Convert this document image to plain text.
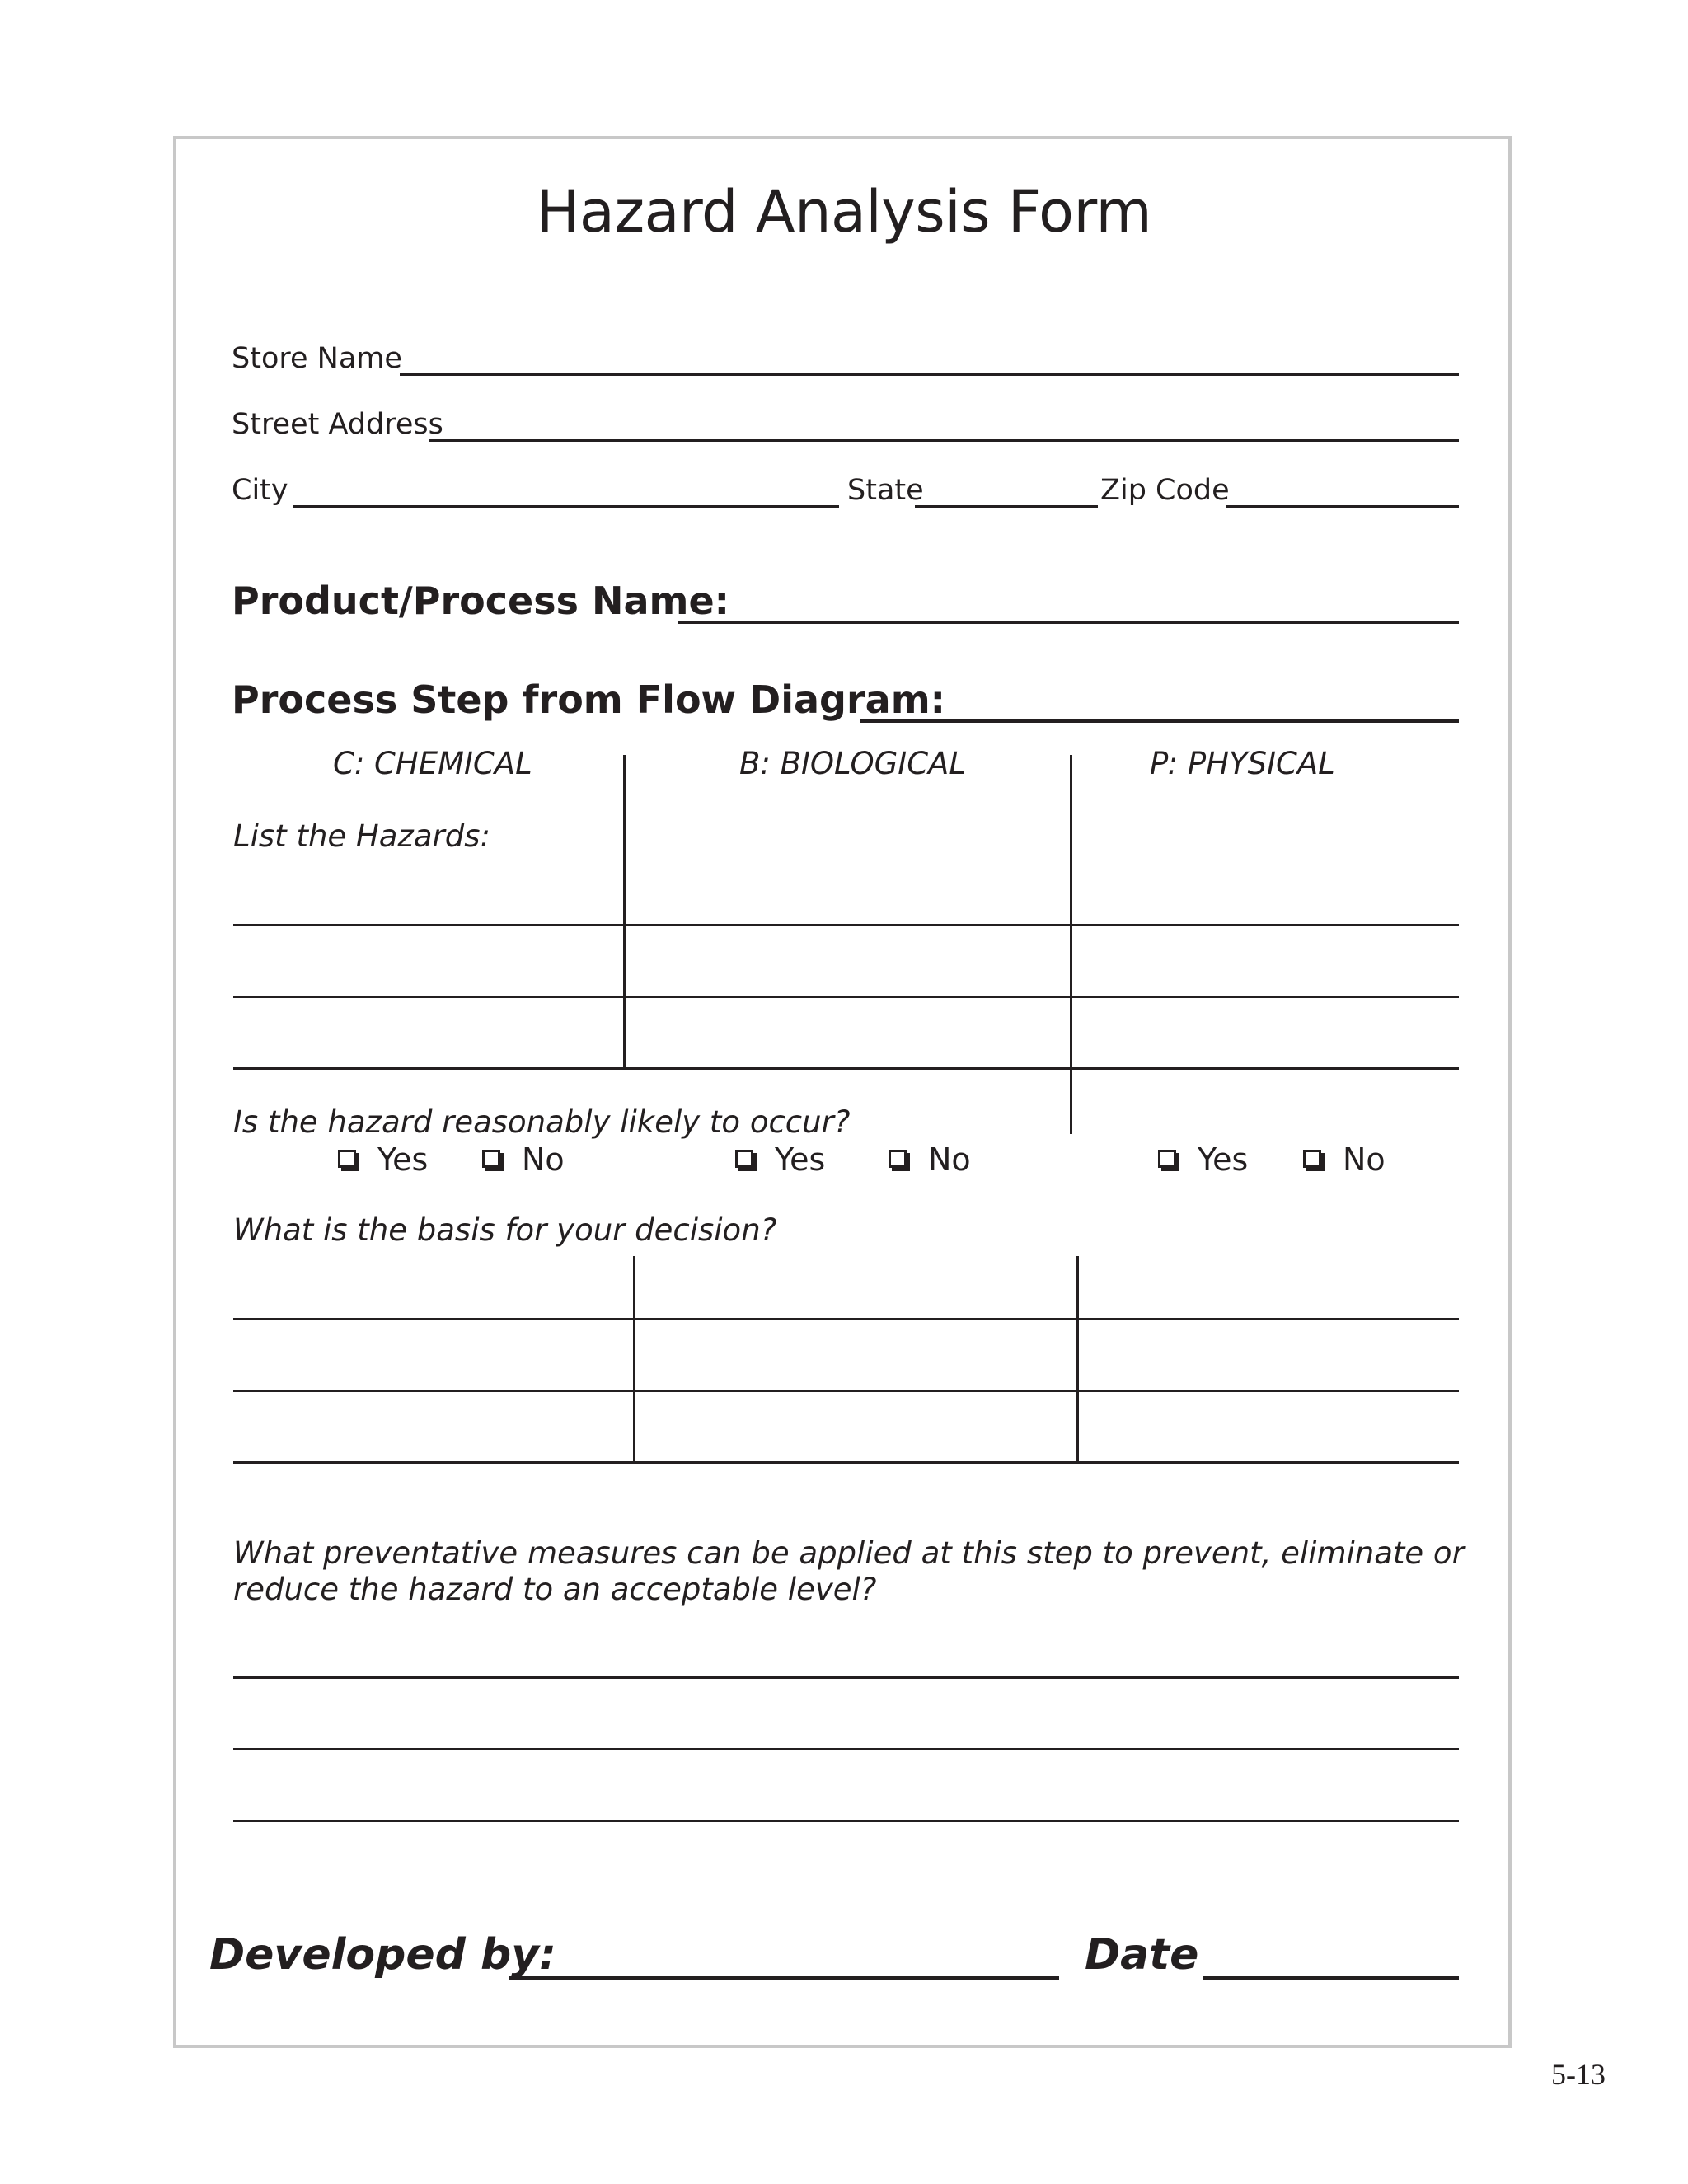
Hazard Analysis Form
Store Name
Street Address
City	State	Zip Code
Product/Process Name:
Process Step from Flow Diagram:
C: CHEMICAL	B: BIOLOGICAL	P: PHYSICAL
List the Hazards:
Is the hazard reasonably likely to occur?
Yes	No	Yes	No	Yes	No
What is the basis for your decision?
What preventative measures can be applied at this step to prevent, eliminate or
reduce the hazard to an acceptable level?
Developed by:	Date
5-13
